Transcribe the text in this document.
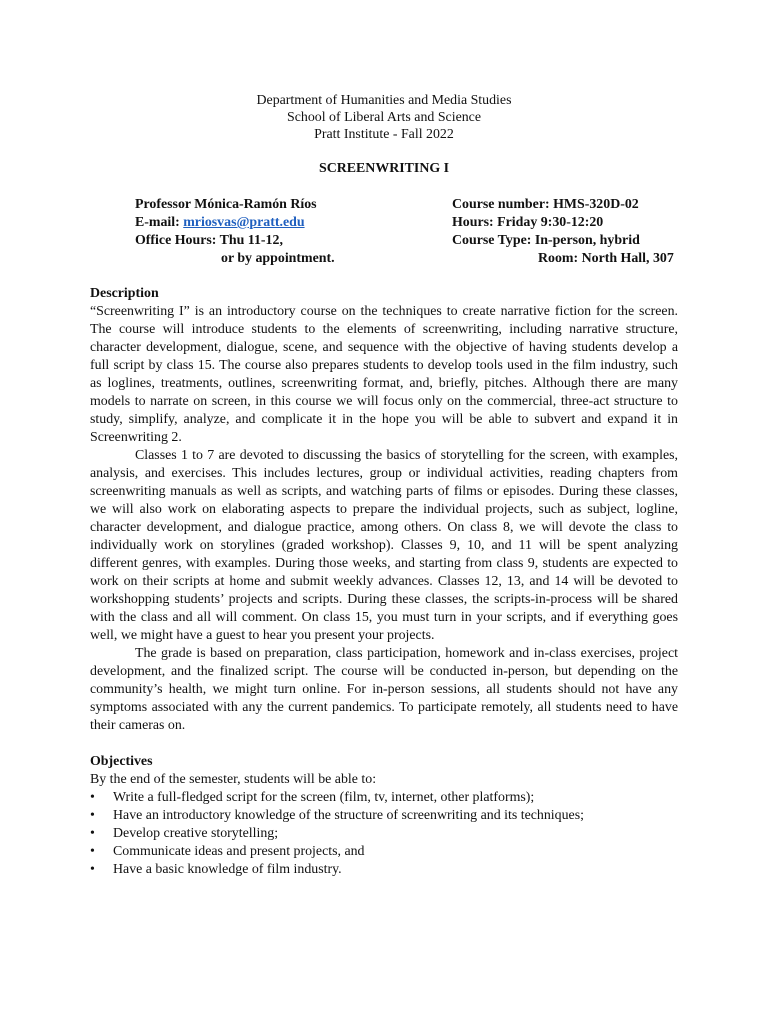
Department of Humanities and Media Studies
School of Liberal Arts and Science
Pratt Institute - Fall 2022
SCREENWRITING I
Professor Mónica-Ramón Ríos	Course number: HMS-320D-02
E-mail: mriosvas@pratt.edu	Hours: Friday 9:30-12:20
Office Hours: Thu 11-12,	Course Type: In-person, hybrid
or by appointment.	Room: North Hall, 307
Description

“Screenwriting I” is an introductory course on the techniques to create narrative fiction for the screen. The course will introduce students to the elements of screenwriting, including narrative structure, character development, dialogue, scene, and sequence with the objective of having students develop a full script by class 15. The course also prepares students to develop tools used in the film industry, such as loglines, treatments, outlines, screenwriting format, and, briefly, pitches. Although there are many models to narrate on screen, in this course we will focus only on the commercial, three-act structure to study, simplify, analyze, and complicate it in the hope you will be able to subvert and expand it in Screenwriting 2.

Classes 1 to 7 are devoted to discussing the basics of storytelling for the screen, with examples, analysis, and exercises. This includes lectures, group or individual activities, reading chapters from screenwriting manuals as well as scripts, and watching parts of films or episodes. During these classes, we will also work on elaborating aspects to prepare the individual projects, such as subject, logline, character development, and dialogue practice, among others. On class 8, we will devote the class to individually work on storylines (graded workshop). Classes 9, 10, and 11 will be spent analyzing different genres, with examples. During those weeks, and starting from class 9, students are expected to work on their scripts at home and submit weekly advances. Classes 12, 13, and 14 will be devoted to workshopping students’ projects and scripts. During these classes, the scripts-in-process will be shared with the class and all will comment. On class 15, you must turn in your scripts, and if everything goes well, we might have a guest to hear you present your projects.

The grade is based on preparation, class participation, homework and in-class exercises, project development, and the finalized script. The course will be conducted in-person, but depending on the community’s health, we might turn online. For in-person sessions, all students should not have any symptoms associated with any the current pandemics. To participate remotely, all students need to have their cameras on.

Objectives
By the end of the semester, students will be able to:
• Write a full-fledged script for the screen (film, tv, internet, other platforms);
• Have an introductory knowledge of the structure of screenwriting and its techniques;
• Develop creative storytelling;
• Communicate ideas and present projects, and
• Have a basic knowledge of film industry.
